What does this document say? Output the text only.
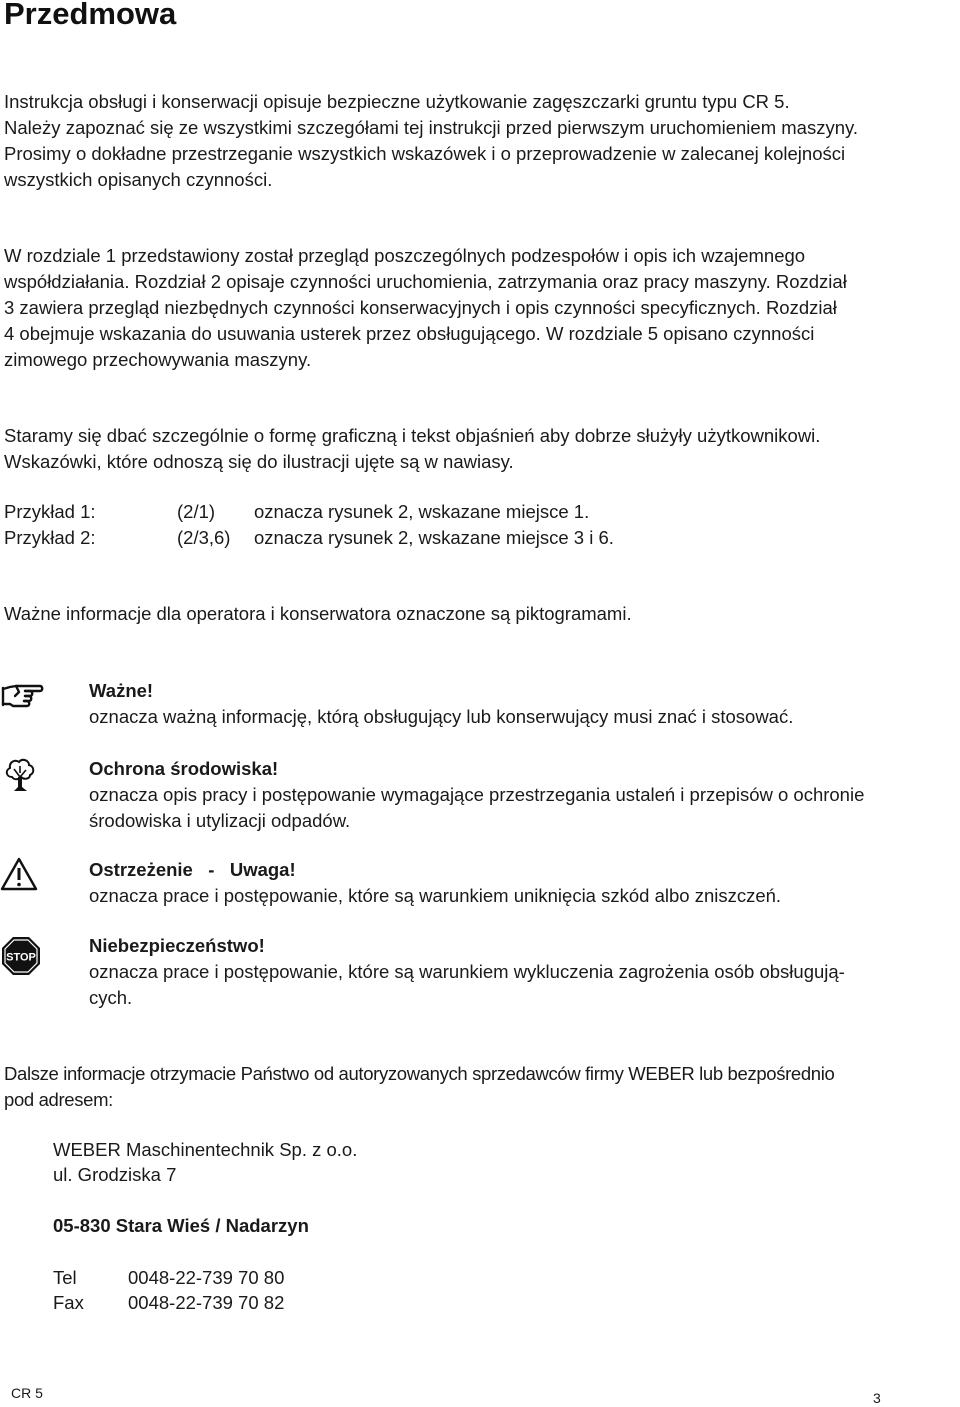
Przedmowa

Instrukcja obsługi i konserwacji opisuje bezpieczne użytkowanie zagęszczarki gruntu typu CR 5.
Należy zapoznać się ze wszystkimi szczegółami tej instrukcji przed pierwszym uruchomieniem maszyny.
Prosimy o dokładne przestrzeganie wszystkich wskazówek i o przeprowadzenie w zalecanej kolejności
wszystkich opisanych czynności.

W rozdziale 1 przedstawiony został przegląd poszczególnych podzespołów i opis ich wzajemnego
współdziałania. Rozdział 2 opisaje czynności uruchomienia, zatrzymania oraz pracy maszyny. Rozdział
3 zawiera przegląd niezbędnych czynności konserwacyjnych i opis czynności specyficznych. Rozdział
4 obejmuje wskazania do usuwania usterek przez obsługującego. W rozdziale 5 opisano czynności
zimowego przechowywania maszyny.

Staramy się dbać szczególnie o formę graficzną i tekst objaśnień aby dobrze służyły użytkownikowi.
Wskazówki, które odnoszą się do ilustracji ujęte są w nawiasy.

Przykład 1:	(2/1) oznacza rysunek 2, wskazane miejsce 1.
Przykład 2:	(2/3,6) oznacza rysunek 2, wskazane miejsce 3 i 6.

Ważne informacje dla operatora i konserwatora oznaczone są piktogramami.

Ważne!
oznacza ważną informację, którą obsługujący lub konserwujący musi znać i stosować.
Ochrona środowiska!
oznacza opis pracy i postępowanie wymagające przestrzegania ustaleń i przepisów o ochronie
środowiska i utylizacji odpadów.
Ostrzeżenie   -   Uwaga!
oznacza prace i postępowanie, które są warunkiem uniknięcia szkód albo zniszczeń.
STOP
Niebezpieczeństwo!
oznacza prace i postępowanie, które są warunkiem wykluczenia zagrożenia osób obsługują-
cych.

Dalsze informacje otrzymacie Państwo od autoryzowanych sprzedawców firmy WEBER lub bezpośrednio
pod adresem:

WEBER Maschinentechnik Sp. z o.o.
ul. Grodziska 7
05-830 Stara Wieś / Nadarzyn
Tel	0048-22-739 70 80
Fax 0048-22-739 70 82
CR 5	3
